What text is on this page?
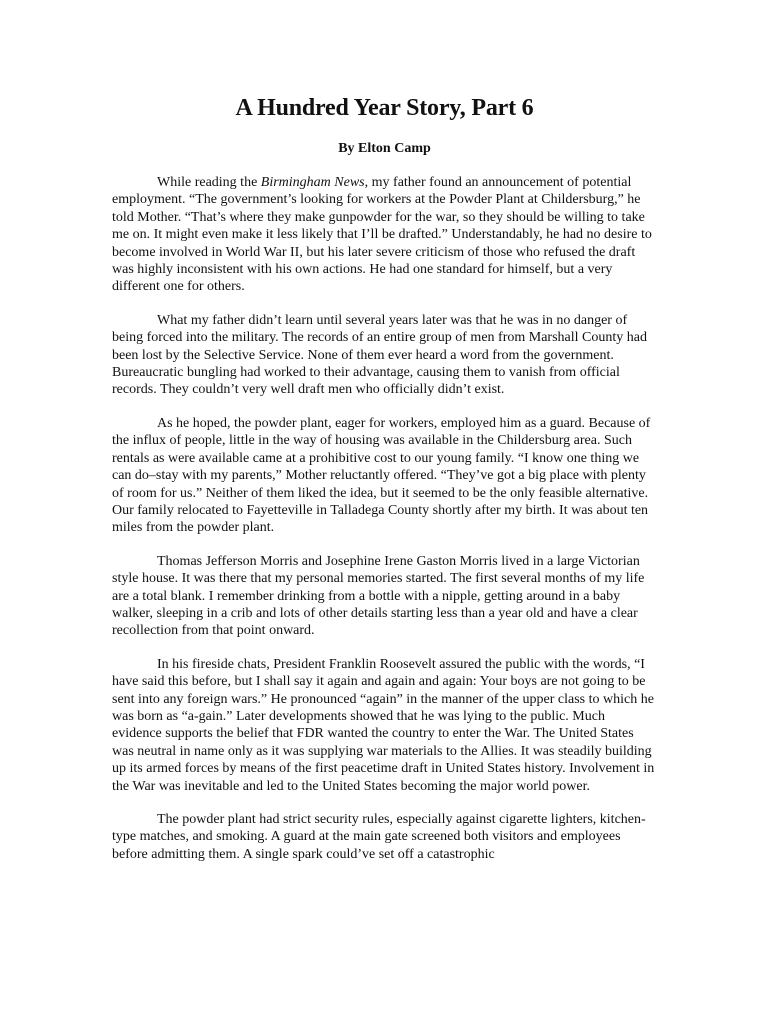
A Hundred Year Story, Part 6
By Elton Camp

While reading the Birmingham News, my father found an announcement of potential employment. “The government’s looking for workers at the Powder Plant at Childersburg,” he told Mother. “That’s where they make gunpowder for the war, so they should be willing to take me on. It might even make it less likely that I’ll be drafted.” Understandably, he had no desire to become involved in World War II, but his later severe criticism of those who refused the draft was highly inconsistent with his own actions. He had one standard for himself, but a very different one for others.

What my father didn’t learn until several years later was that he was in no danger of being forced into the military. The records of an entire group of men from Marshall County had been lost by the Selective Service. None of them ever heard a word from the government. Bureaucratic bungling had worked to their advantage, causing them to vanish from official records. They couldn’t very well draft men who officially didn’t exist.

As he hoped, the powder plant, eager for workers, employed him as a guard. Because of the influx of people, little in the way of housing was available in the Childersburg area. Such rentals as were available came at a prohibitive cost to our young family. “I know one thing we can do–stay with my parents,” Mother reluctantly offered. “They’ve got a big place with plenty of room for us.” Neither of them liked the idea, but it seemed to be the only feasible alternative. Our family relocated to Fayetteville in Talladega County shortly after my birth. It was about ten miles from the powder plant.

Thomas Jefferson Morris and Josephine Irene Gaston Morris lived in a large Victorian style house. It was there that my personal memories started. The first several months of my life are a total blank. I remember drinking from a bottle with a nipple, getting around in a baby walker, sleeping in a crib and lots of other details starting less than a year old and have a clear recollection from that point onward.

In his fireside chats, President Franklin Roosevelt assured the public with the words, “I have said this before, but I shall say it again and again and again: Your boys are not going to be sent into any foreign wars.” He pronounced “again” in the manner of the upper class to which he was born as “a-gain.” Later developments showed that he was lying to the public. Much evidence supports the belief that FDR wanted the country to enter the War. The United States was neutral in name only as it was supplying war materials to the Allies. It was steadily building up its armed forces by means of the first peacetime draft in United States history. Involvement in the War was inevitable and led to the United States becoming the major world power.

The powder plant had strict security rules, especially against cigarette lighters, kitchen-type matches, and smoking. A guard at the main gate screened both visitors and employees before admitting them. A single spark could’ve set off a catastrophic
